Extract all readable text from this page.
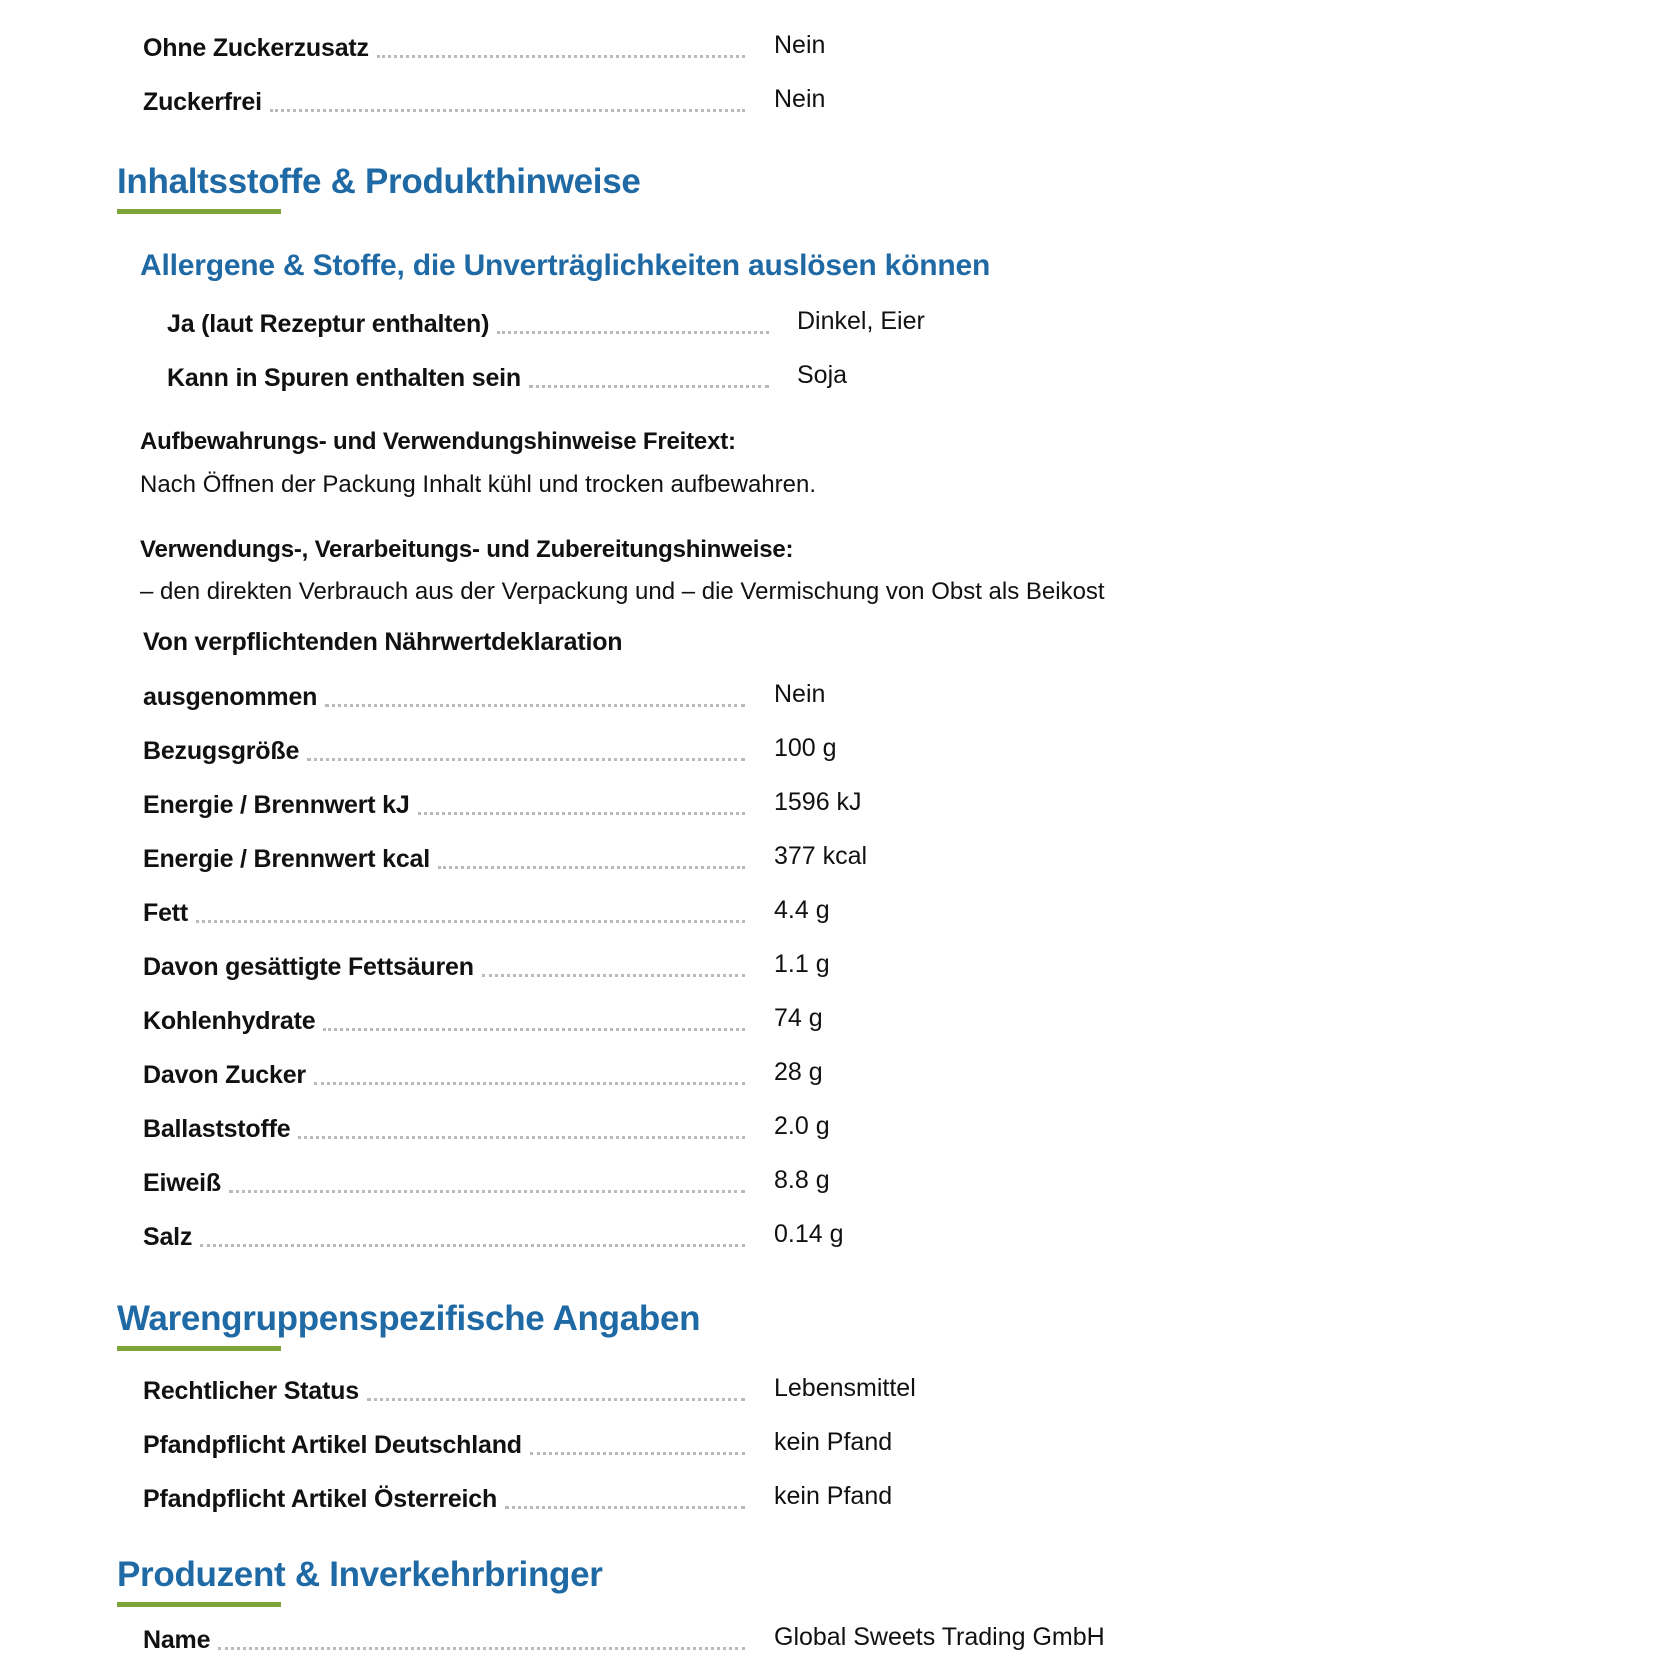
Ohne Zuckerzusatz	Nein
Zuckerfrei	Nein
Inhaltsstoffe & Produkthinweise
Allergene & Stoffe, die Unverträglichkeiten auslösen können
Ja (laut Rezeptur enthalten)	Dinkel, Eier
Kann in Spuren enthalten sein	Soja
Aufbewahrungs- und Verwendungshinweise Freitext:
Nach Öffnen der Packung Inhalt kühl und trocken aufbewahren.
Verwendungs-, Verarbeitungs- und Zubereitungshinweise:
– den direkten Verbrauch aus der Verpackung und – die Vermischung von Obst als Beikost
Von verpflichtenden Nährwertdeklaration
ausgenommen	Nein
Bezugsgröße	100 g
Energie / Brennwert kJ	1596 kJ
Energie / Brennwert kcal	377 kcal
Fett	4.4 g
Davon gesättigte Fettsäuren	1.1 g
Kohlenhydrate	74 g
Davon Zucker	28 g
Ballaststoffe	2.0 g
Eiweiß	8.8 g
Salz	0.14 g
Warengruppenspezifische Angaben
Rechtlicher Status	Lebensmittel
Pfandpflicht Artikel Deutschland	kein Pfand
Pfandpflicht Artikel Österreich	kein Pfand
Produzent & Inverkehrbringer
Name	Global Sweets Trading GmbH
